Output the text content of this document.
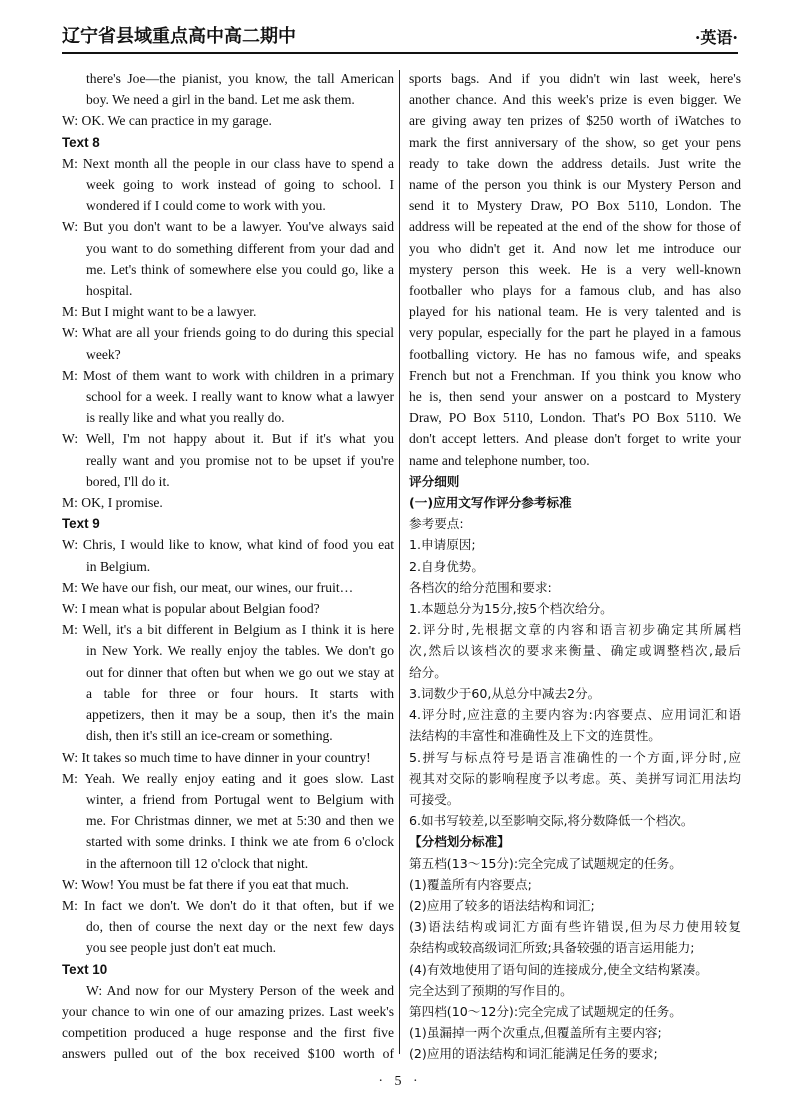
辽宁省县域重点高中高二期中	·英语·

there's Joe—the pianist, you know, the tall American

boy. We need a girl in the band. Let me ask them.

W: OK. We can practice in my garage.

Text 8

M: Next month all the people in our class have to spend a

week going to work instead of going to school. I

wondered if I could come to work with you.

W: But you don't want to be a lawyer. You've always said

you want to do something different from your dad and

me. Let's think of somewhere else you could go, like a

hospital.

M: But I might want to be a lawyer.

W: What are all your friends going to do during this special

week?

M: Most of them want to work with children in a primary

school for a week. I really want to know what a lawyer

is really like and what you really do.

W: Well, I'm not happy about it. But if it's what you

really want and you promise not to be upset if you're

bored, I'll do it.

M: OK, I promise.

Text 9

W: Chris, I would like to know, what kind of food you eat

in Belgium.

M: We have our fish, our meat, our wines, our fruit…

W: I mean what is popular about Belgian food?

M: Well, it's a bit different in Belgium as I think it is here

in New York. We really enjoy the tables. We don't go

out for dinner that often but when we go out we stay at

a table for three or four hours. It starts with

appetizers, then it may be a soup, then it's the main

dish, then it's still an ice-cream or something.

W: It takes so much time to have dinner in your country!

M: Yeah. We really enjoy eating and it goes slow. Last

winter, a friend from Portugal went to Belgium with

me. For Christmas dinner, we met at 5:30 and then we

started with some drinks. I think we ate from 6 o'clock

in the afternoon till 12 o'clock that night.

W: Wow! You must be fat there if you eat that much.

M: In fact we don't. We don't do it that often, but if we

do, then of course the next day or the next few days

you see people just don't eat much.

Text 10

W: And now for our Mystery Person of the week and

your chance to win one of our amazing prizes. Last week's

competition produced a huge response and the first five

answers pulled out of the box received $100 worth of

sports bags. And if you didn't win last week, here's

another chance. And this week's prize is even bigger. We

are giving away ten prizes of $250 worth of iWatches to

mark the first anniversary of the show, so get your pens

ready to take down the address details. Just write the

name of the person you think is our Mystery Person and

send it to Mystery Draw, PO Box 5110, London. The

address will be repeated at the end of the show for those of

you who didn't get it. And now let me introduce our

mystery person this week. He is a very well-known

footballer who plays for a famous club, and has also

played for his national team. He is very talented and is

very popular, especially for the part he played in a famous

footballing victory. He has no famous wife, and speaks

French but not a Frenchman. If you think you know who

he is, then send your answer on a postcard to Mystery

Draw, PO Box 5110, London. That's PO Box 5110. We

don't accept letters. And please don't forget to write your

name and telephone number, too.

评分细则

(一)应用文写作评分参考标准

参考要点:

1.申请原因;

2.自身优势。

各档次的给分范围和要求:

1.本题总分为15分,按5个档次给分。

2.评分时,先根据文章的内容和语言初步确定其所属档

次,然后以该档次的要求来衡量、确定或调整档次,最后

给分。

3.词数少于60,从总分中减去2分。

4.评分时,应注意的主要内容为:内容要点、应用词汇和语

法结构的丰富性和准确性及上下文的连贯性。

5.拼写与标点符号是语言准确性的一个方面,评分时,应

视其对交际的影响程度予以考虑。英、美拼写词汇用法均

可接受。

6.如书写较差,以至影响交际,将分数降低一个档次。

【分档划分标准】

第五档(13～15分):完全完成了试题规定的任务。

(1)覆盖所有内容要点;

(2)应用了较多的语法结构和词汇;

(3)语法结构或词汇方面有些许错误,但为尽力使用较复

杂结构或较高级词汇所致;具备较强的语言运用能力;

(4)有效地使用了语句间的连接成分,使全文结构紧凑。

完全达到了预期的写作目的。

第四档(10～12分):完全完成了试题规定的任务。

(1)虽漏掉一两个次重点,但覆盖所有主要内容;

(2)应用的语法结构和词汇能满足任务的要求;

· 5 ·
